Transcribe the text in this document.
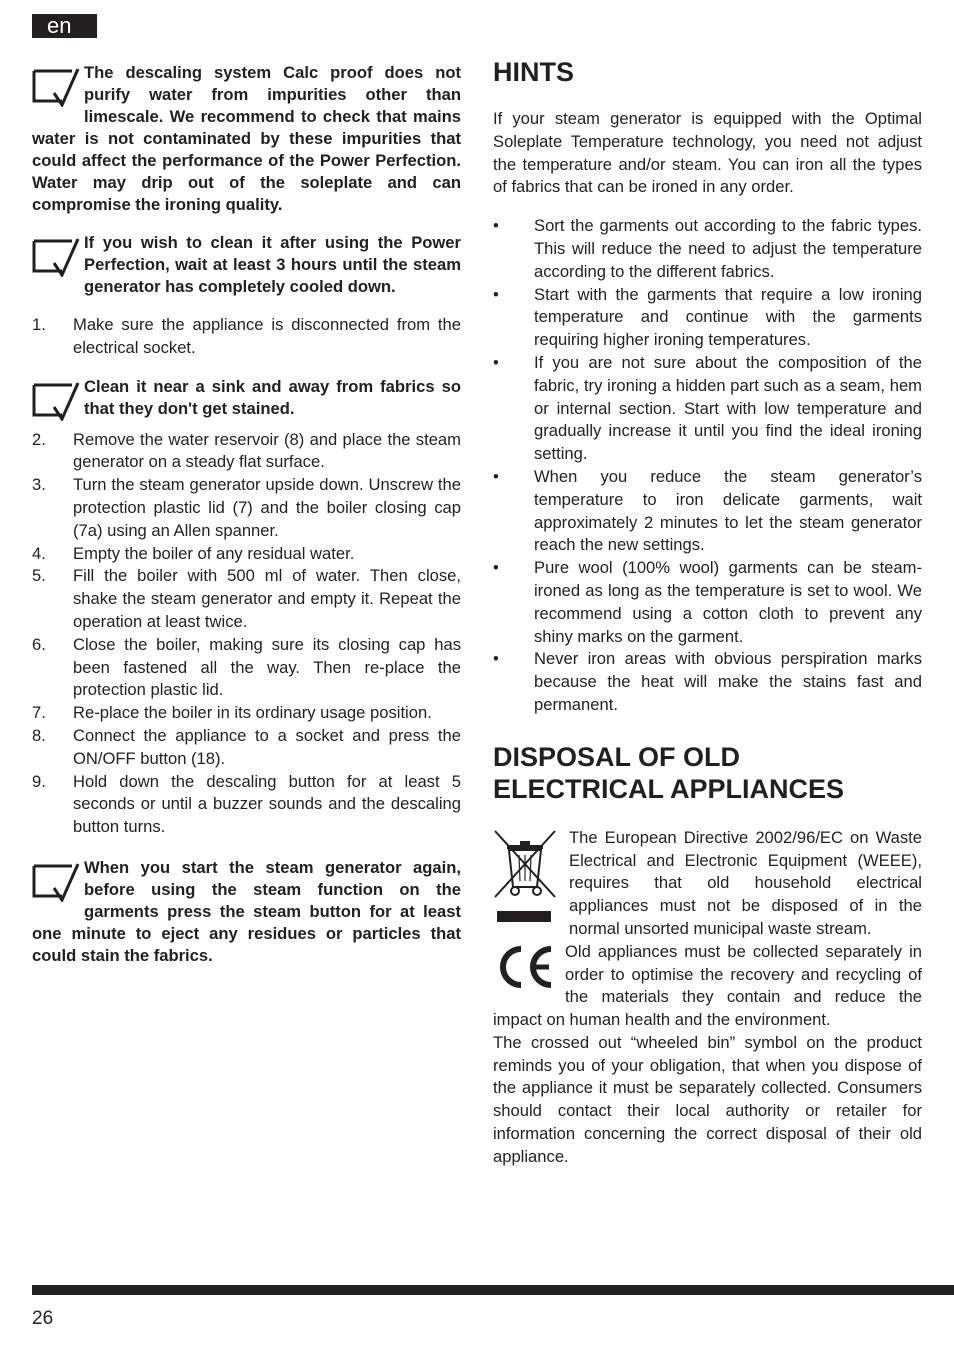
en

The descaling system Calc proof does not purify water from impurities other than limescale. We recommend to check that mains water is not contaminated by these impurities that could affect the performance of the Power Perfection. Water may drip out of the soleplate and can compromise the ironing quality.

If you wish to clean it after using the Power Perfection, wait at least 3 hours until the steam generator has completely cooled down.

1. Make sure the appliance is disconnected from the electrical socket.

Clean it near a sink and away from fabrics so that they don't get stained.

2. Remove the water reservoir (8) and place the steam generator on a steady flat surface.
3. Turn the steam generator upside down. Unscrew the protection plastic lid (7) and the boiler closing cap (7a) using an Allen spanner.
4. Empty the boiler of any residual water.
5. Fill the boiler with 500 ml of water. Then close, shake the steam generator and empty it. Repeat the operation at least twice.
6. Close the boiler, making sure its closing cap has been fastened all the way. Then re-place the protection plastic lid.
7. Re-place the boiler in its ordinary usage position.
8. Connect the appliance to a socket and press the ON/OFF button (18).
9. Hold down the descaling button for at least 5 seconds or until a buzzer sounds and the descaling button turns.

When you start the steam generator again, before using the steam function on the garments press the steam button for at least one minute to eject any residues or particles that could stain the fabrics.

HINTS

If your steam generator is equipped with the Optimal Soleplate Temperature technology, you need not adjust the temperature and/or steam. You can iron all the types of fabrics that can be ironed in any order.

• Sort the garments out according to the fabric types. This will reduce the need to adjust the temperature according to the different fabrics.
• Start with the garments that require a low ironing temperature and continue with the garments requiring higher ironing temperatures.
• If you are not sure about the composition of the fabric, try ironing a hidden part such as a seam, hem or internal section. Start with low temperature and gradually increase it until you find the ideal ironing setting.
• When you reduce the steam generator’s temperature to iron delicate garments, wait approximately 2 minutes to let the steam generator reach the new settings.
• Pure wool (100% wool) garments can be steam-ironed as long as the temperature is set to wool. We recommend using a cotton cloth to prevent any shiny marks on the garment.
• Never iron areas with obvious perspiration marks because the heat will make the stains fast and permanent.
DISPOSAL OF OLD
ELECTRICAL APPLIANCES

The European Directive 2002/96/EC on Waste Electrical and Electronic Equipment (WEEE), requires that old household electrical appliances must not be disposed of in the normal unsorted municipal waste stream.

Old appliances must be collected separately in order to optimise the recovery and recycling of the materials they contain and reduce the impact on human health and the environment.

The crossed out “wheeled bin” symbol on the product reminds you of your obligation, that when you dispose of the appliance it must be separately collected. Consumers should contact their local authority or retailer for information concerning the correct disposal of their old appliance.

26
